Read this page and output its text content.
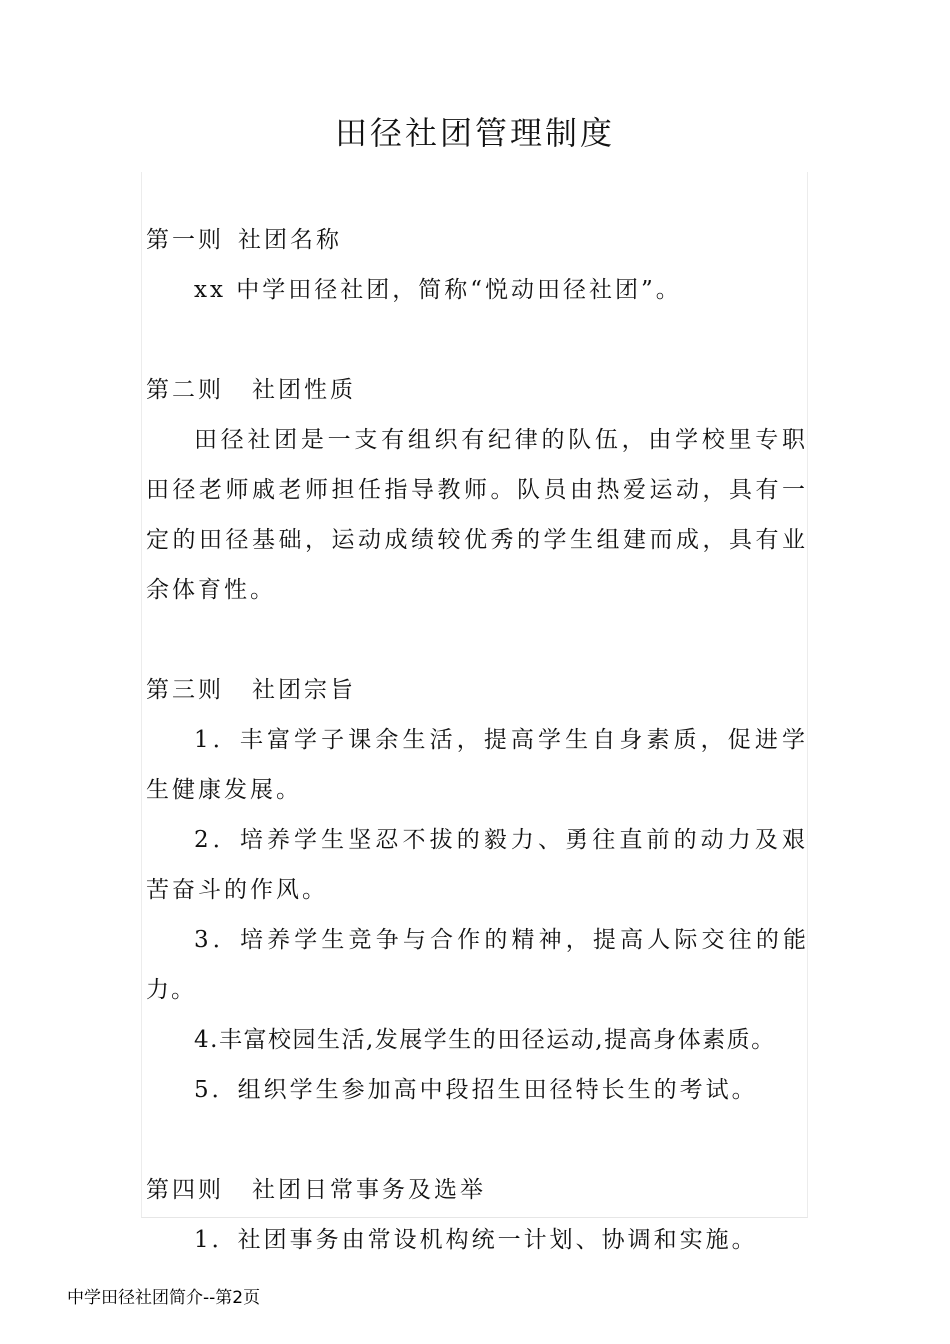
田径社团管理制度
第一则 社团名称

xx 中学田径社团，简称“悦动田径社团”。

第二则 社团性质

田径社团是一支有组织有纪律的队伍，由学校里专职田径老师戚老师担任指导教师。队员由热爱运动，具有一定的田径基础，运动成绩较优秀的学生组建而成，具有业余体育性。

第三则 社团宗旨

1．丰富学子课余生活，提高学生自身素质，促进学生健康发展。

2．培养学生坚忍不拔的毅力、勇往直前的动力及艰苦奋斗的作风。

3．培养学生竞争与合作的精神，提高人际交往的能力。

4.丰富校园生活,发展学生的田径运动,提高身体素质。

5．组织学生参加高中段招生田径特长生的考试。

第四则 社团日常事务及选举

1．社团事务由常设机构统一计划、协调和实施。

中学田径社团简介--第2页
